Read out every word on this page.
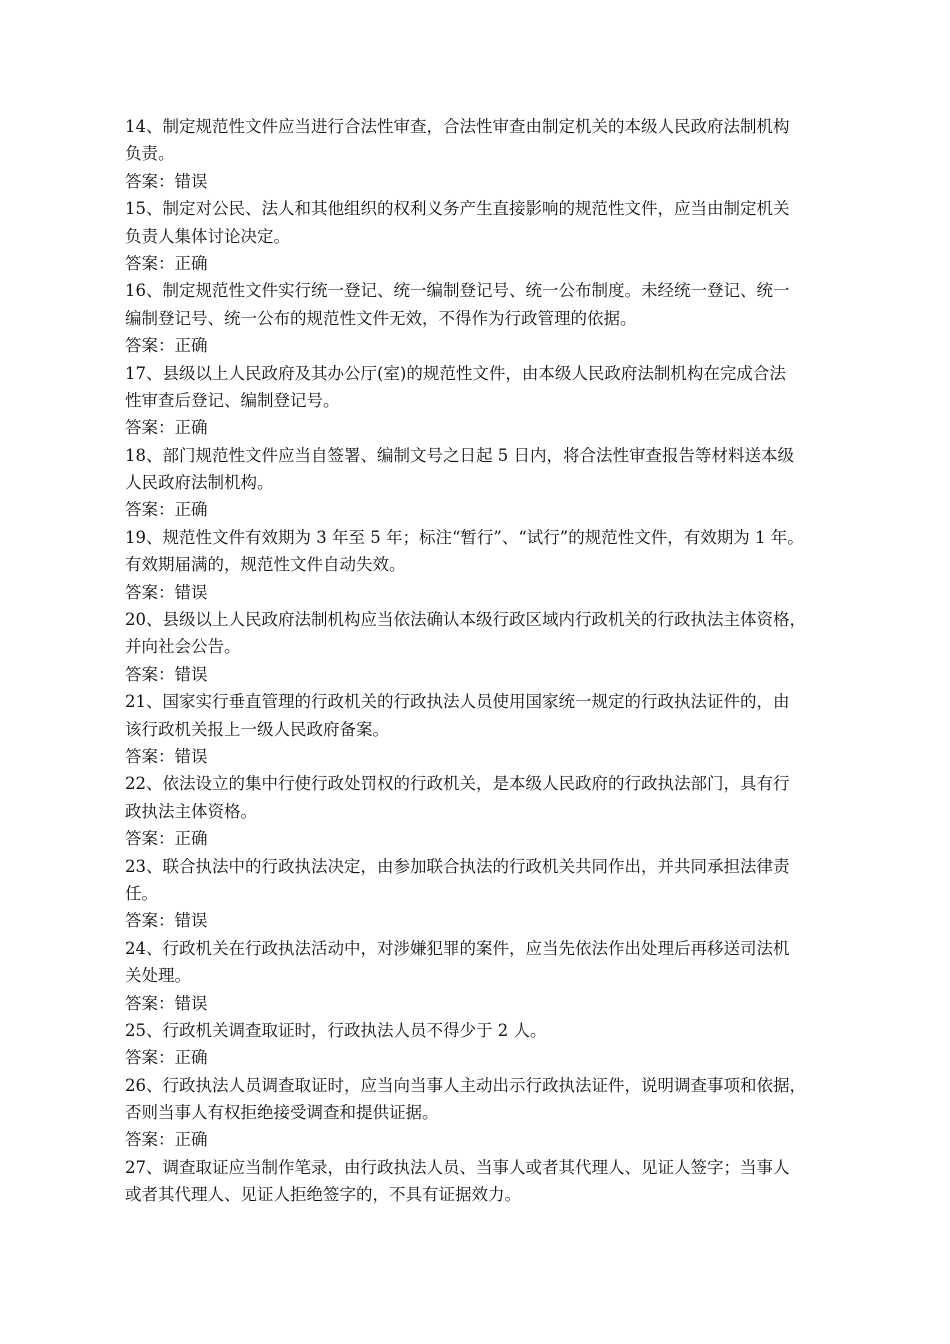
14、制定规范性文件应当进行合法性审查，合法性审查由制定机关的本级人民政府法制机构
负责。
答案：错误
15、制定对公民、法人和其他组织的权利义务产生直接影响的规范性文件，应当由制定机关
负责人集体讨论决定。
答案：正确
16、制定规范性文件实行统一登记、统一编制登记号、统一公布制度。未经统一登记、统一
编制登记号、统一公布的规范性文件无效，不得作为行政管理的依据。
答案：正确
17、县级以上人民政府及其办公厅(室)的规范性文件，由本级人民政府法制机构在完成合法
性审查后登记、编制登记号。
答案：正确
18、部门规范性文件应当自签署、编制文号之日起 5 日内，将合法性审查报告等材料送本级
人民政府法制机构。
答案：正确
19、规范性文件有效期为 3 年至 5 年；标注“暂行”、“试行”的规范性文件，有效期为 1 年。
有效期届满的，规范性文件自动失效。
答案：错误
20、县级以上人民政府法制机构应当依法确认本级行政区域内行政机关的行政执法主体资格，
并向社会公告。
答案：错误
21、国家实行垂直管理的行政机关的行政执法人员使用国家统一规定的行政执法证件的，由
该行政机关报上一级人民政府备案。
答案：错误
22、依法设立的集中行使行政处罚权的行政机关，是本级人民政府的行政执法部门，具有行
政执法主体资格。
答案：正确
23、联合执法中的行政执法决定，由参加联合执法的行政机关共同作出，并共同承担法律责
任。
答案：错误
24、行政机关在行政执法活动中，对涉嫌犯罪的案件，应当先依法作出处理后再移送司法机
关处理。
答案：错误
25、行政机关调查取证时，行政执法人员不得少于 2 人。
答案：正确
26、行政执法人员调查取证时，应当向当事人主动出示行政执法证件，说明调查事项和依据，
否则当事人有权拒绝接受调查和提供证据。
答案：正确
27、调查取证应当制作笔录，由行政执法人员、当事人或者其代理人、见证人签字；当事人
或者其代理人、见证人拒绝签字的，不具有证据效力。
